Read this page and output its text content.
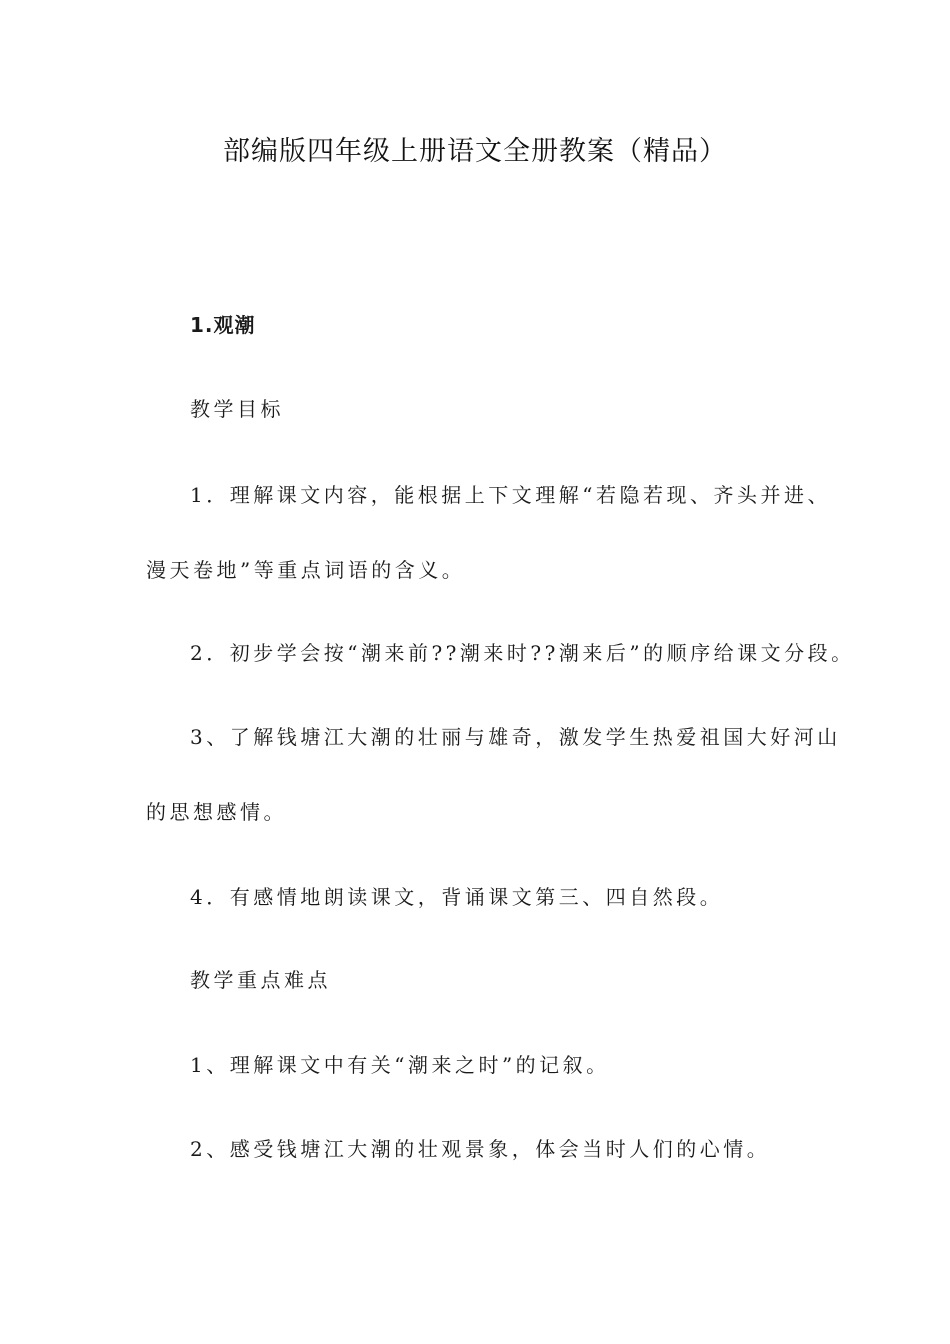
部编版四年级上册语文全册教案（精品）
1.观潮
教学目标
1．理解课文内容，能根据上下文理解“若隐若现、齐头并进、
漫天卷地”等重点词语的含义。
2．初步学会按“潮来前??潮来时??潮来后”的顺序给课文分段。
3、了解钱塘江大潮的壮丽与雄奇，激发学生热爱祖国大好河山
的思想感情。
4．有感情地朗读课文，背诵课文第三、四自然段。
教学重点难点
1、理解课文中有关“潮来之时”的记叙。
2、感受钱塘江大潮的壮观景象，体会当时人们的心情。
